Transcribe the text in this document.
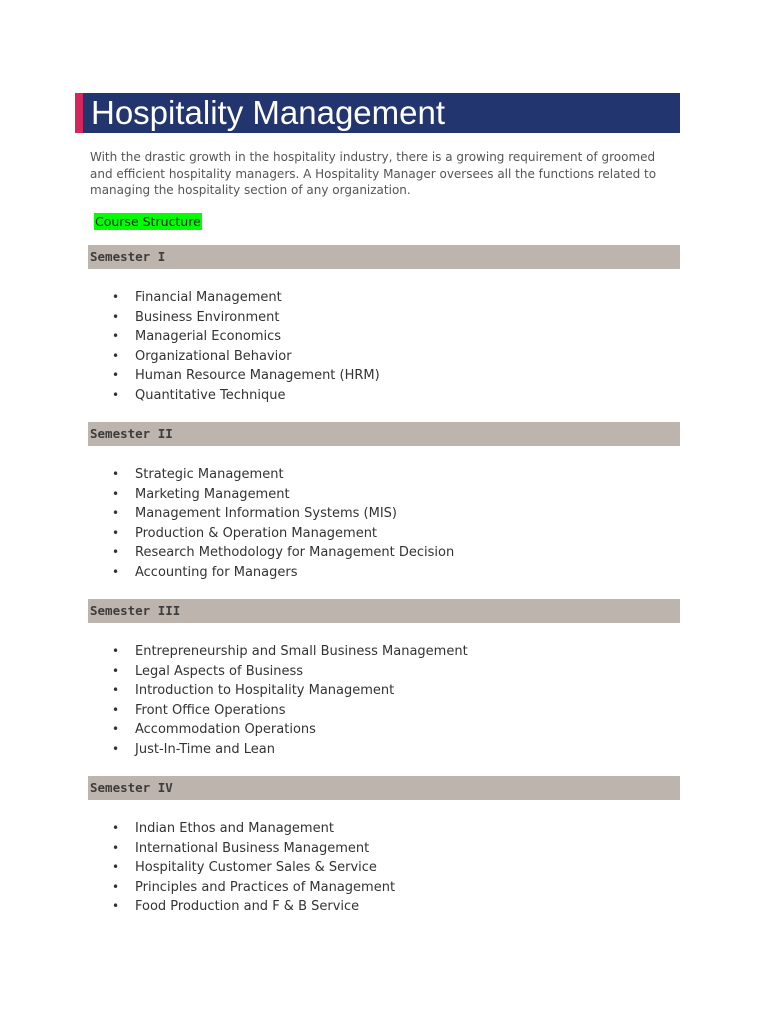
Hospitality Management

With the drastic growth in the hospitality industry, there is a growing requirement of groomed and efficient hospitality managers. A Hospitality Manager oversees all the functions related to managing the hospitality section of any organization.

Course Structure
Semester I
• Financial Management
• Business Environment
• Managerial Economics
• Organizational Behavior
• Human Resource Management (HRM)
• Quantitative Technique
Semester II
• Strategic Management
• Marketing Management
• Management Information Systems (MIS)
• Production & Operation Management
• Research Methodology for Management Decision
• Accounting for Managers
Semester III
• Entrepreneurship and Small Business Management
• Legal Aspects of Business
• Introduction to Hospitality Management
• Front Office Operations
• Accommodation Operations
• Just-In-Time and Lean
Semester IV
• Indian Ethos and Management
• International Business Management
• Hospitality Customer Sales & Service
• Principles and Practices of Management
• Food Production and F & B Service
